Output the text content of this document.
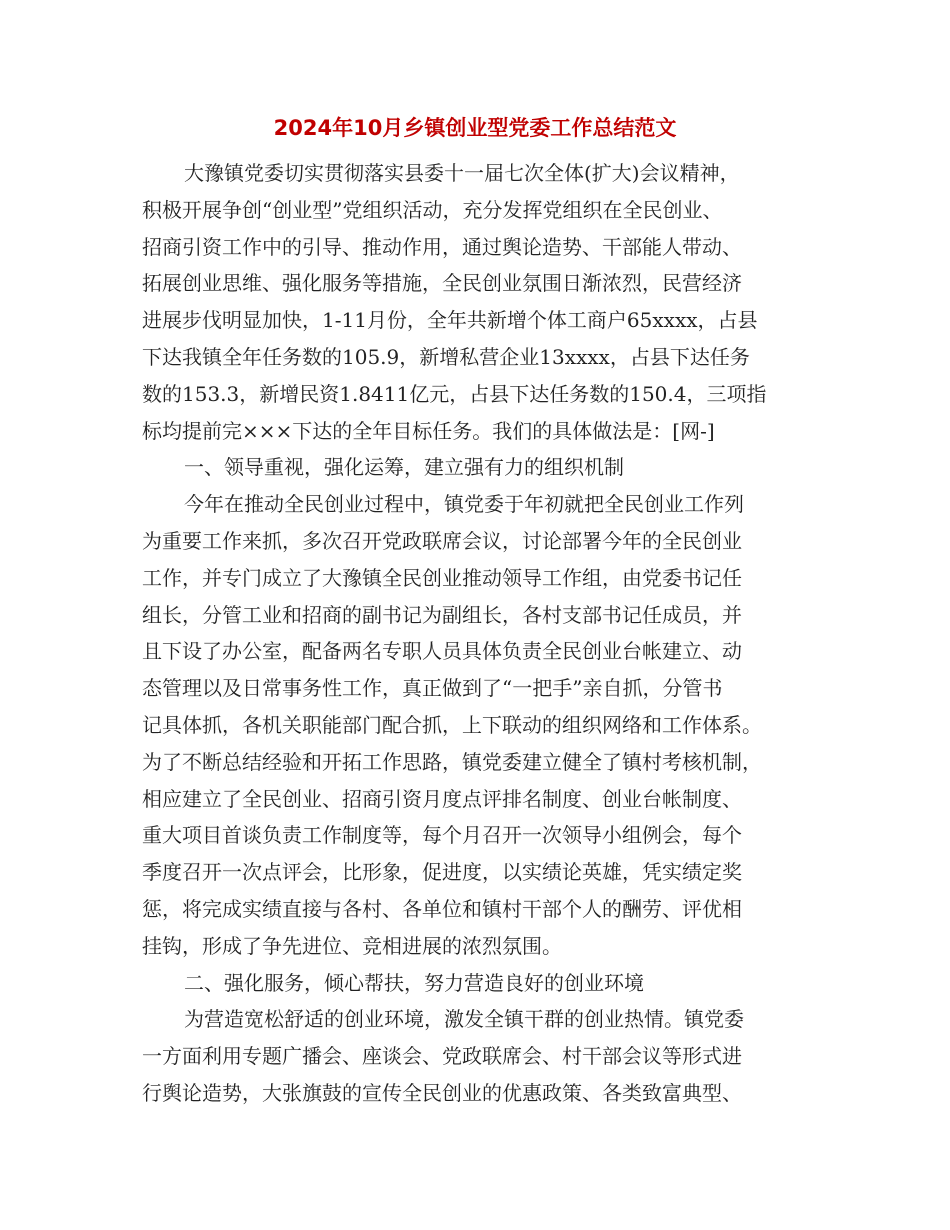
2024年10月乡镇创业型党委工作总结范文
大豫镇党委切实贯彻落实县委十一届七次全体(扩大)会议精神，
积极开展争创“创业型”党组织活动，充分发挥党组织在全民创业、
招商引资工作中的引导、推动作用，通过舆论造势、干部能人带动、
拓展创业思维、强化服务等措施，全民创业氛围日渐浓烈，民营经济
进展步伐明显加快，1-11月份，全年共新增个体工商户65xxxx，占县
下达我镇全年任务数的105.9，新增私营企业13xxxx，占县下达任务
数的153.3，新增民资1.8411亿元，占县下达任务数的150.4，三项指
标均提前完×××下达的全年目标任务。我们的具体做法是：[网-]
一、领导重视，强化运筹，建立强有力的组织机制
今年在推动全民创业过程中，镇党委于年初就把全民创业工作列
为重要工作来抓，多次召开党政联席会议，讨论部署今年的全民创业
工作，并专门成立了大豫镇全民创业推动领导工作组，由党委书记任
组长，分管工业和招商的副书记为副组长，各村支部书记任成员，并
且下设了办公室，配备两名专职人员具体负责全民创业台帐建立、动
态管理以及日常事务性工作，真正做到了“一把手”亲自抓，分管书
记具体抓，各机关职能部门配合抓，上下联动的组织网络和工作体系。
为了不断总结经验和开拓工作思路，镇党委建立健全了镇村考核机制，
相应建立了全民创业、招商引资月度点评排名制度、创业台帐制度、
重大项目首谈负责工作制度等，每个月召开一次领导小组例会，每个
季度召开一次点评会，比形象，促进度，以实绩论英雄，凭实绩定奖
惩，将完成实绩直接与各村、各单位和镇村干部个人的酬劳、评优相
挂钩，形成了争先进位、竞相进展的浓烈氛围。
二、强化服务，倾心帮扶，努力营造良好的创业环境
为营造宽松舒适的创业环境，激发全镇干群的创业热情。镇党委
一方面利用专题广播会、座谈会、党政联席会、村干部会议等形式进
行舆论造势，大张旗鼓的宣传全民创业的优惠政策、各类致富典型、
